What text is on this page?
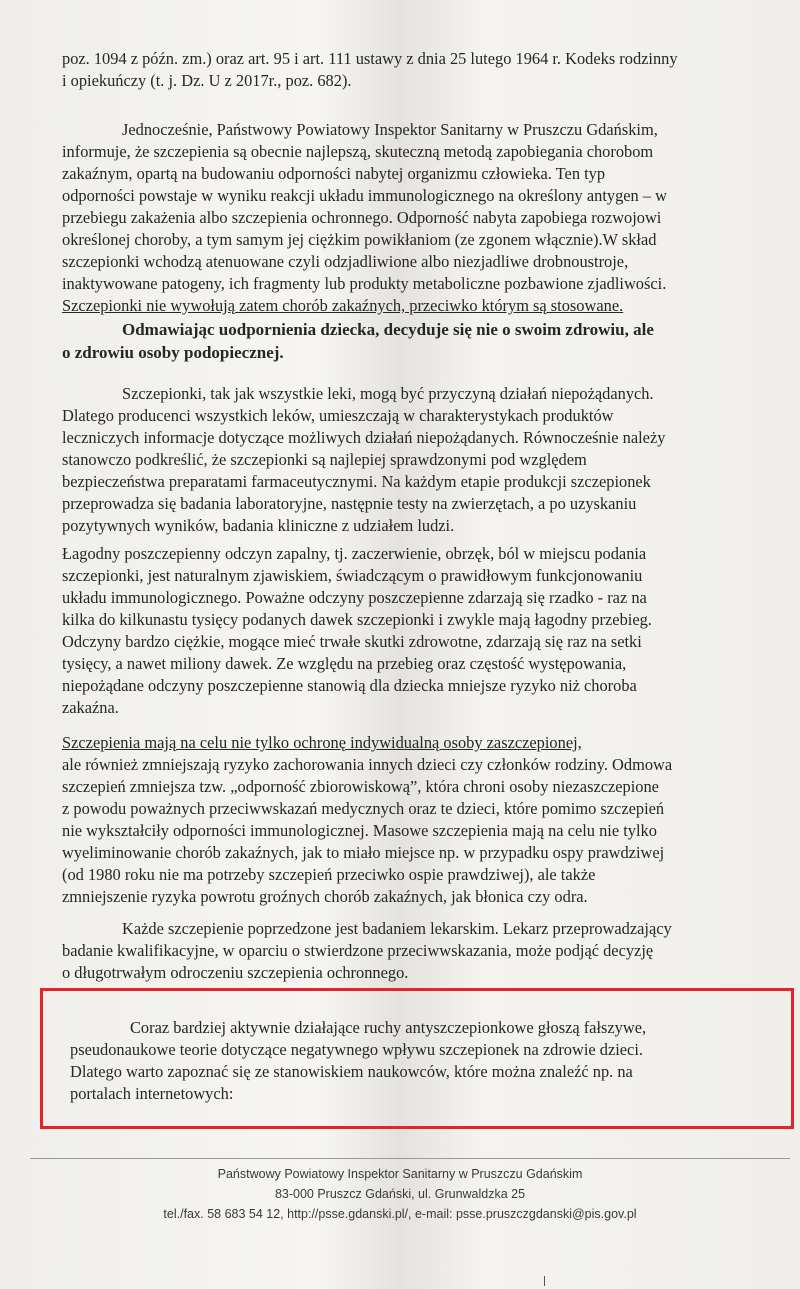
poz. 1094 z późn. zm.) oraz art. 95 i art. 111 ustawy z dnia 25 lutego 1964 r. Kodeks rodzinny
i opiekuńczy (t. j. Dz. U z 2017r., poz. 682).

Jednocześnie, Państwowy Powiatowy Inspektor Sanitarny w Pruszczu Gdańskim,
informuje, że szczepienia są obecnie najlepszą, skuteczną metodą zapobiegania chorobom
zakaźnym, opartą na budowaniu odporności nabytej organizmu człowieka. Ten typ
odporności powstaje w wyniku reakcji układu immunologicznego na określony antygen – w
przebiegu zakażenia albo szczepienia ochronnego. Odporność nabyta zapobiega rozwojowi
określonej choroby, a tym samym jej ciężkim powikłaniom (ze zgonem włącznie).W skład
szczepionki wchodzą atenuowane czyli odzjadliwione albo niezjadliwe drobnoustroje,
inaktywowane patogeny, ich fragmenty lub produkty metaboliczne pozbawione zjadliwości.
Szczepionki nie wywołują zatem chorób zakaźnych, przeciwko którym są stosowane.

Odmawiając uodpornienia dziecka, decyduje się nie o swoim zdrowiu, ale
o zdrowiu osoby podopiecznej.

Szczepionki, tak jak wszystkie leki, mogą być przyczyną działań niepożądanych.
Dlatego producenci wszystkich leków, umieszczają w charakterystykach produktów
leczniczych informacje dotyczące możliwych działań niepożądanych. Równocześnie należy
stanowczo podkreślić, że szczepionki są najlepiej sprawdzonymi pod względem
bezpieczeństwa preparatami farmaceutycznymi. Na każdym etapie produkcji szczepionek
przeprowadza się badania laboratoryjne, następnie testy na zwierzętach, a po uzyskaniu
pozytywnych wyników, badania kliniczne z udziałem ludzi.

Łagodny poszczepienny odczyn zapalny, tj. zaczerwienie, obrzęk, ból w miejscu podania
szczepionki, jest naturalnym zjawiskiem, świadczącym o prawidłowym funkcjonowaniu
układu immunologicznego. Poważne odczyny poszczepienne zdarzają się rzadko - raz na
kilka do kilkunastu tysięcy podanych dawek szczepionki i zwykle mają łagodny przebieg.
Odczyny bardzo ciężkie, mogące mieć trwałe skutki zdrowotne, zdarzają się raz na setki
tysięcy, a nawet miliony dawek. Ze względu na przebieg oraz częstość występowania,
niepożądane odczyny poszczepienne stanowią dla dziecka mniejsze ryzyko niż choroba
zakaźna.

Szczepienia mają na celu nie tylko ochronę indywidualną osoby zaszczepionej,
ale również zmniejszają ryzyko zachorowania innych dzieci czy członków rodziny. Odmowa
szczepień zmniejsza tzw. „odporność zbiorowiskową”, która chroni osoby niezaszczepione
z powodu poważnych przeciwwskazań medycznych oraz te dzieci, które pomimo szczepień
nie wykształciły odporności immunologicznej. Masowe szczepienia mają na celu nie tylko
wyeliminowanie chorób zakaźnych, jak to miało miejsce np. w przypadku ospy prawdziwej
(od 1980 roku nie ma potrzeby szczepień przeciwko ospie prawdziwej), ale także
zmniejszenie ryzyka powrotu groźnych chorób zakaźnych, jak błonica czy odra.

Każde szczepienie poprzedzone jest badaniem lekarskim. Lekarz przeprowadzający
badanie kwalifikacyjne, w oparciu o stwierdzone przeciwwskazania, może podjąć decyzję
o długotrwałym odroczeniu szczepienia ochronnego.

Coraz bardziej aktywnie działające ruchy antyszczepionkowe głoszą fałszywe,
pseudonaukowe teorie dotyczące negatywnego wpływu szczepionek na zdrowie dzieci.
Dlatego warto zapoznać się ze stanowiskiem naukowców, które można znaleźć np. na
portalach internetowych:

Państwowy Powiatowy Inspektor Sanitarny w Pruszczu Gdańskim
83-000 Pruszcz Gdański, ul. Grunwaldzka 25
tel./fax. 58 683 54 12, http://psse.gdanski.pl/, e-mail: psse.pruszczgdanski@pis.gov.pl
